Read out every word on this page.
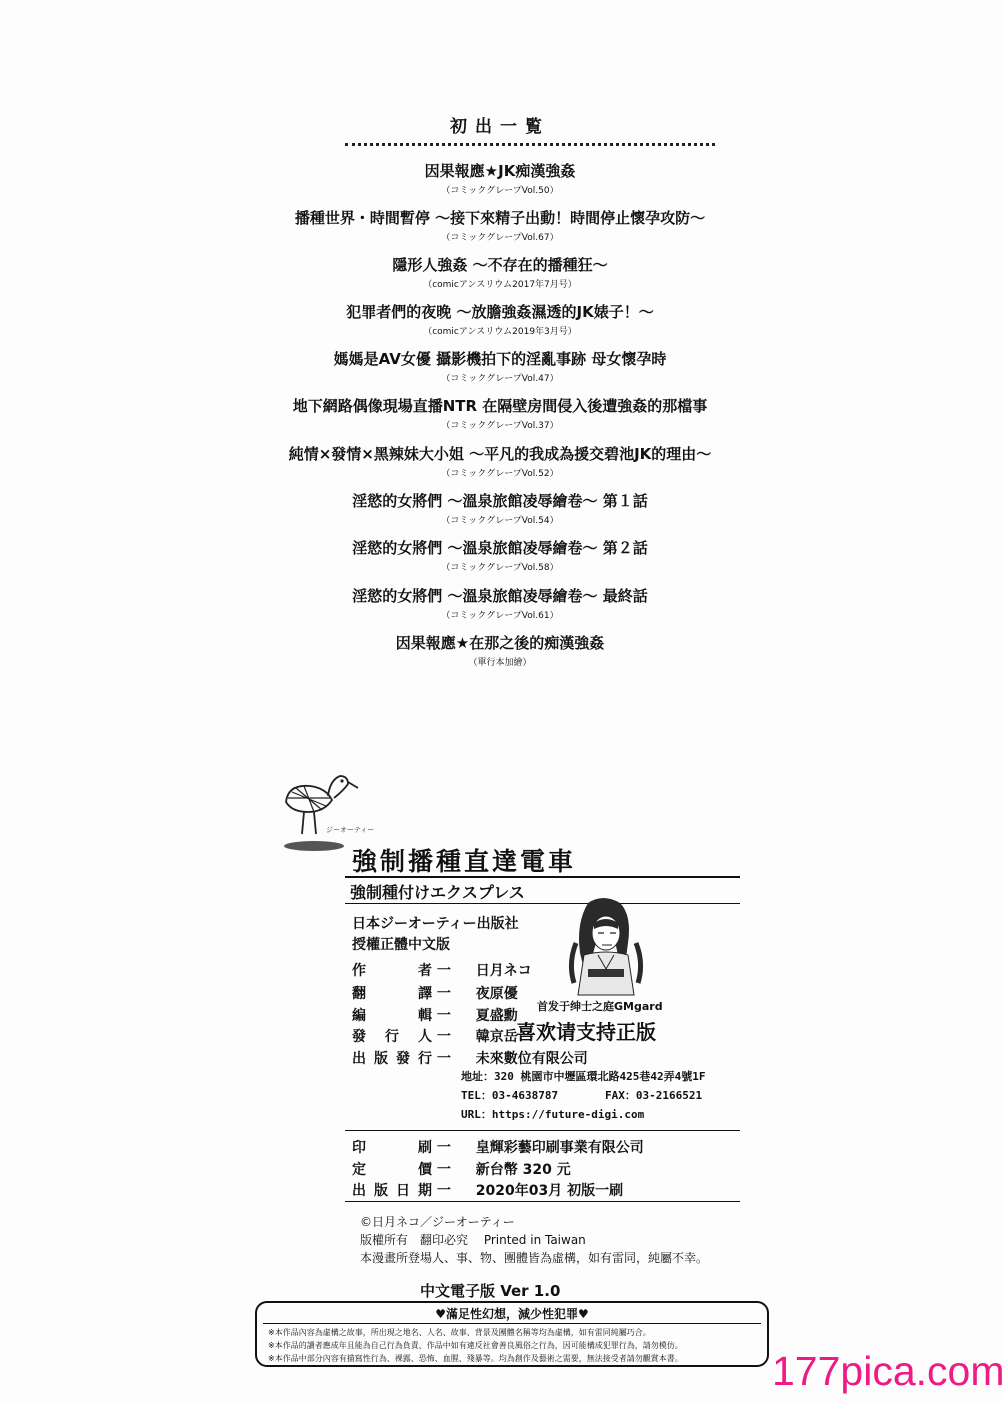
初出一覧
因果報應★JK痴漢強姦
（コミックグレープVol.50）
播種世界・時間暫停 ～接下來精子出動！時間停止懷孕攻防～
（コミックグレープVol.67）
隱形人強姦 ～不存在的播種狂～
（comicアンスリウム2017年7月号）
犯罪者們的夜晚 ～放膽強姦濕透的JK婊子！～
（comicアンスリウム2019年3月号）
媽媽是AV女優 攝影機拍下的淫亂事跡 母女懷孕時
（コミックグレープVol.47）
地下網路偶像現場直播NTR 在隔壁房間侵入後遭強姦的那檔事
（コミックグレープVol.37）
純情×發情×黑辣妹大小姐 ～平凡的我成為援交碧池JK的理由～
（コミックグレープVol.52）
淫慾的女將們 ～溫泉旅館凌辱繪卷～ 第１話
（コミックグレープVol.54）
淫慾的女將們 ～溫泉旅館凌辱繪卷～ 第２話
（コミックグレープVol.58）
淫慾的女將們 ～溫泉旅館凌辱繪卷～ 最終話
（コミックグレープVol.61）
因果報應★在那之後的痴漢強姦
（單行本加繪）
ジーオーティー
強制播種直達電車
強制種付けエクスプレス
日本ジーオーティー出版社
授權正體中文版
作　者 一 日月ネコ
翻　譯 一 夜原優
編　輯 一 夏盛勳
發行人 一 韓京岳
出版發行 一 未來數位有限公司
首发于绅士之庭GMgard
喜欢请支持正版
地址：320 桃園市中壢區環北路425巷42弄4號1F
TEL：03-4638787	FAX：03-2166521
URL：https://future-digi.com
印　刷 一 皇輝彩藝印刷事業有限公司
定　價 一 新台幣 320 元
出版日期 一 2020年03月 初版一刷
©日月ネコ／ジーオーティー
版權所有　翻印必究　 Printed in Taiwan
本漫畫所登場人、事、物、團體皆為虛構，如有雷同，純屬不幸。
中文電子版 Ver 1.0
♥滿足性幻想，減少性犯罪♥
※本作品內容為虛構之故事，所出現之地名、人名、故事、背景及團體名稱等均為虛構，如有雷同純屬巧合。
※本作品的讀者應成年且能為自己行為負責，作品中如有違反社會善良風俗之行為，因可能構成犯罪行為，請勿模仿。
※本作品中部分內容有描寫性行為、裸露、恐怖、血腥、殘暴等。均為創作及藝術之需要，無法接受者請勿觀賞本書。 177pica.com
